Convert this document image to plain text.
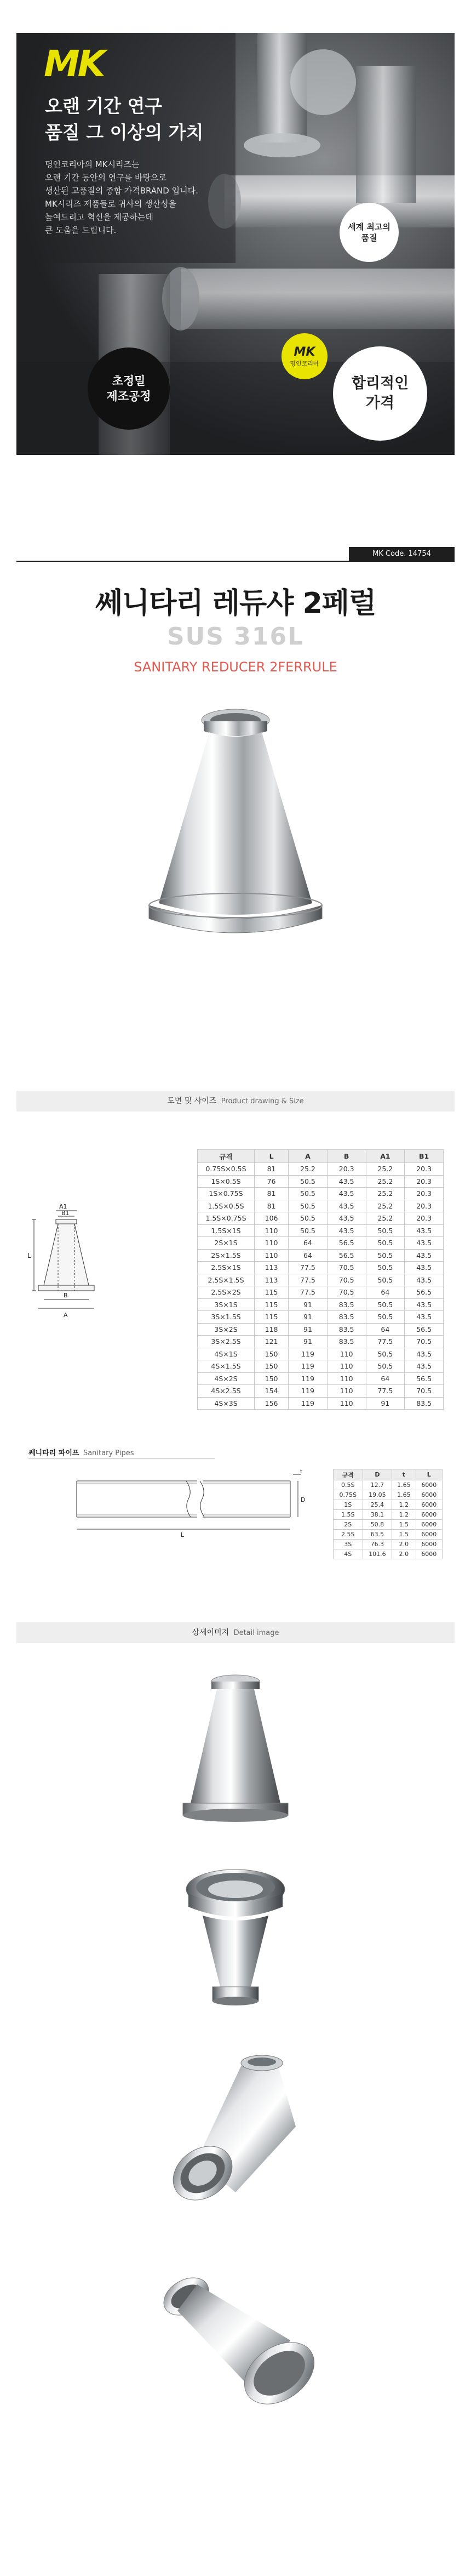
MK
오랜 기간 연구
품질 그 이상의 가치
명인코리아의 MK시리즈는
오랜 기간 동안의 연구를 바탕으로
생산된 고품질의 종합 가격BRAND 입니다.
MK시리즈 제품들로 귀사의 생산성을
높여드리고 혁신을 제공하는데
큰 도움을 드립니다.	세계 최고의
품질
MK
명인코리아
초정밀
제조공정
합리적인
가격
MK Code. 14754
쎄니타리 레듀샤 2페럴
SUS 316L
SANITARY REDUCER 2FERRULE
도면 및 사이즈 Product drawing & Size
A1
B1
L
B
A
규격	L	A	B	A1	B1
0.75S×0.5S	81	25.2	20.3	25.2	20.3
1S×0.5S	76	50.5	43.5	25.2	20.3
1S×0.75S	81	50.5	43.5	25.2	20.3
1.5S×0.5S	81	50.5	43.5	25.2	20.3
1.5S×0.75S	106	50.5	43.5	25.2	20.3
1.5S×1S	110	50.5	43.5	50.5	43.5
2S×1S	110	64	56.5	50.5	43.5
2S×1.5S	110	64	56.5	50.5	43.5
2.5S×1S	113	77.5	70.5	50.5	43.5
2.5S×1.5S	113	77.5	70.5	50.5	43.5
2.5S×2S	115	77.5	70.5	64	56.5
3S×1S	115	91	83.5	50.5	43.5
3S×1.5S	115	91	83.5	50.5	43.5
3S×2S	118	91	83.5	64	56.5
3S×2.5S	121	91	83.5	77.5	70.5
4S×1S	150	119	110	50.5	43.5
4S×1.5S	150	119	110	50.5	43.5
4S×2S	150	119	110	64	56.5
4S×2.5S	154	119	110	77.5	70.5
4S×3S	156	119	110	91	83.5
쎄니타리 파이프 Sanitary Pipes
t
D
L
규격	D	t	L
0.5S	12.7	1.65	6000
0.75S	19.05	1.65	6000
1S	25.4	1.2	6000
1.5S	38.1	1.2	6000
2S	50.8	1.5	6000
2.5S	63.5	1.5	6000
3S	76.3	2.0	6000
4S	101.6	2.0	6000
상세이미지 Detail image
